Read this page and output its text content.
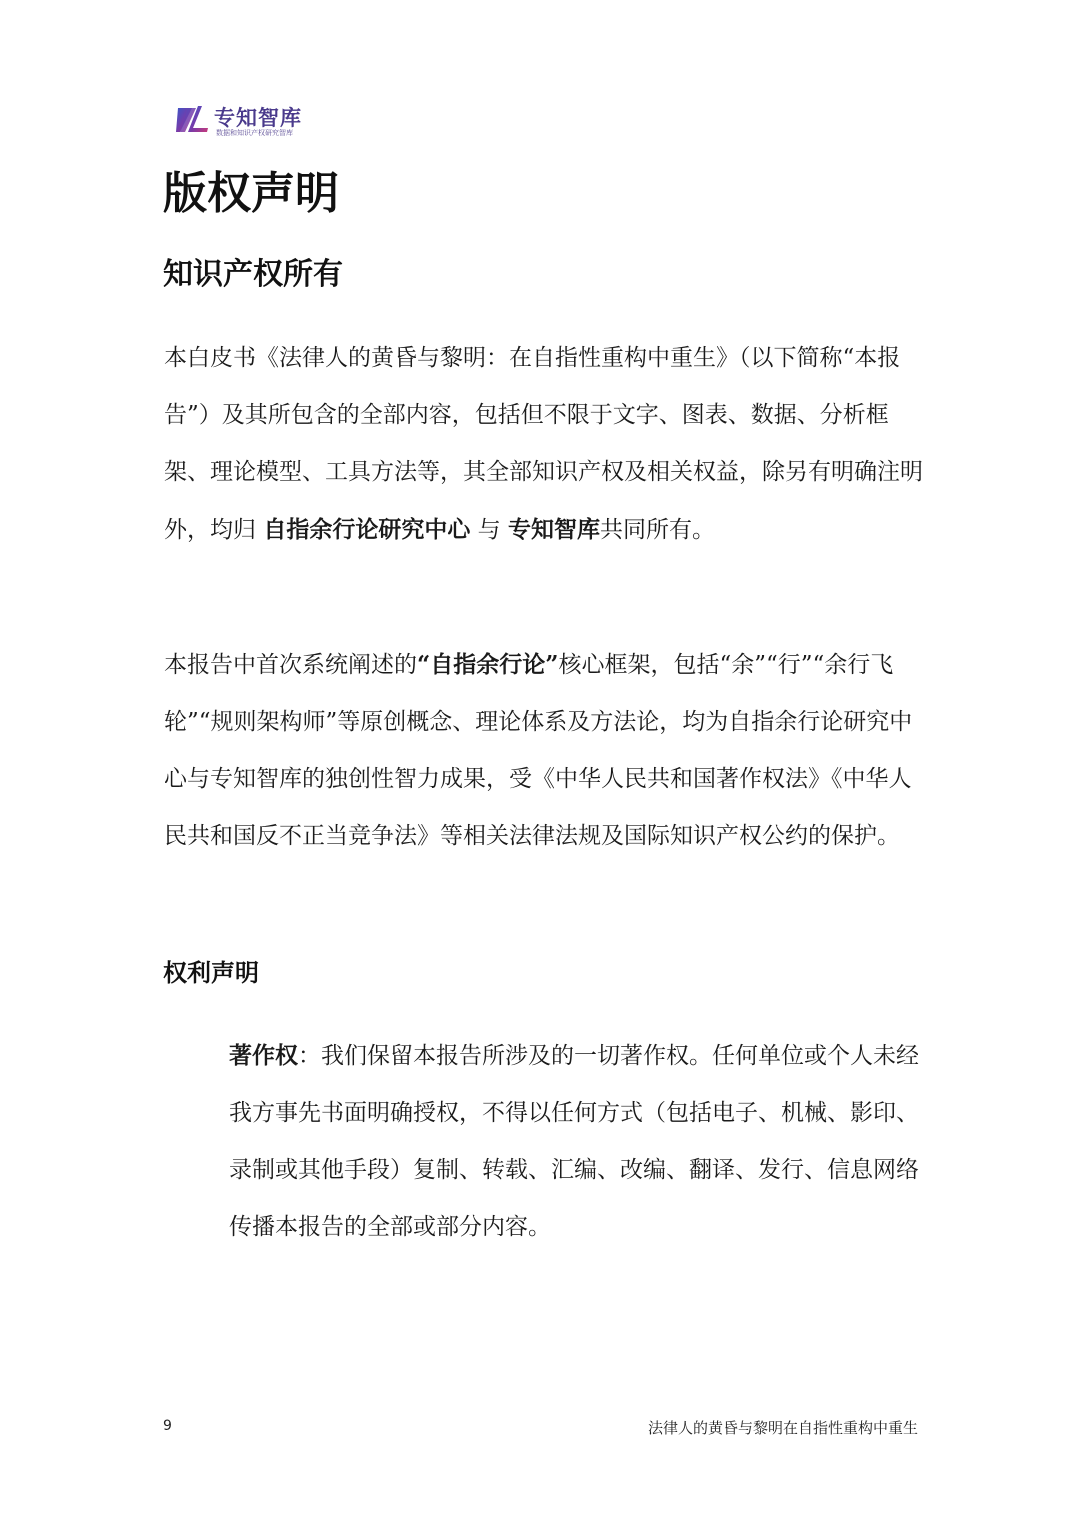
专知智库
数据和知识产权研究智库
版权声明
知识产权所有

本白皮书《法律人的黄昏与黎明：在自指性重构中重生》（以下简称“本报告”）及其所包含的全部内容，包括但不限于文字、图表、数据、分析框架、理论模型、工具方法等，其全部知识产权及相关权益，除另有明确注明外，均归 自指余行论研究中心 与 专知智库共同所有。

本报告中首次系统阐述的“自指余行论”核心框架，包括“余”“行”“余行飞轮”“规则架构师”等原创概念、理论体系及方法论，均为自指余行论研究中心与专知智库的独创性智力成果，受《中华人民共和国著作权法》《中华人民共和国反不正当竞争法》等相关法律法规及国际知识产权公约的保护。

权利声明

著作权：我们保留本报告所涉及的一切著作权。任何单位或个人未经我方事先书面明确授权，不得以任何方式（包括电子、机械、影印、录制或其他手段）复制、转载、汇编、改编、翻译、发行、信息网络传播本报告的全部或部分内容。

9	法律人的黄昏与黎明在自指性重构中重生
